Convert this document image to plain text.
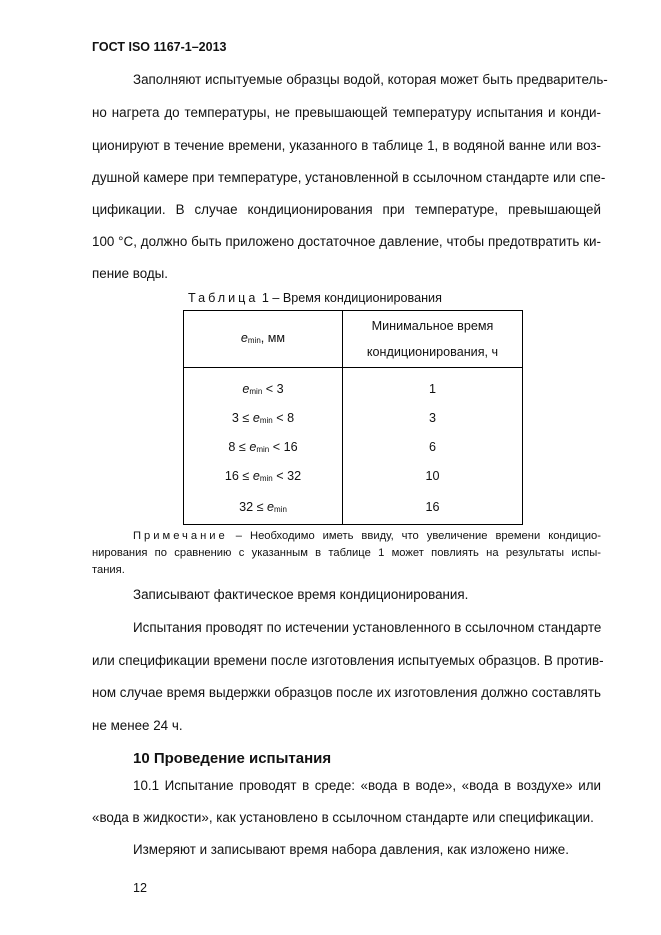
ГОСТ ISO 1167-1–2013
Заполняют испытуемые образцы водой, которая может быть предваритель-
но нагрета до температуры, не превышающей температуру испытания и конди-
ционируют в течение времени, указанного в таблице 1, в водяной ванне или воз-
душной камере при температуре, установленной в ссылочном стандарте или спе-
цификации. В случае кондиционирования при температуре, превышающей
100 °С, должно быть приложено достаточное давление, чтобы предотвратить ки-
пение воды.
Таблица 1 – Время кондиционирования
$e_{min}$, мм	Минимальное время
кондиционирования, ч

$e_{min} < 3$	1
$3 \le e_{min} < 8$	3
$8 \le e_{min} < 16$	6
$16 \le e_{min} < 32$	10
$32 \le e_{min}$	16
Примечание – Необходимо иметь ввиду, что увеличение времени кондицио-
нирования по сравнению с указанным в таблице 1 может повлиять на результаты испы-
тания.
Записывают фактическое время кондиционирования.
Испытания проводят по истечении установленного в ссылочном стандарте
или спецификации времени после изготовления испытуемых образцов. В против-
ном случае время выдержки образцов после их изготовления должно составлять
не менее 24 ч.
10 Проведение испытания
10.1 Испытание проводят в среде: «вода в воде», «вода в воздухе» или
«вода в жидкости», как установлено в ссылочном стандарте или спецификации.
Измеряют и записывают время набора давления, как изложено ниже.
12
